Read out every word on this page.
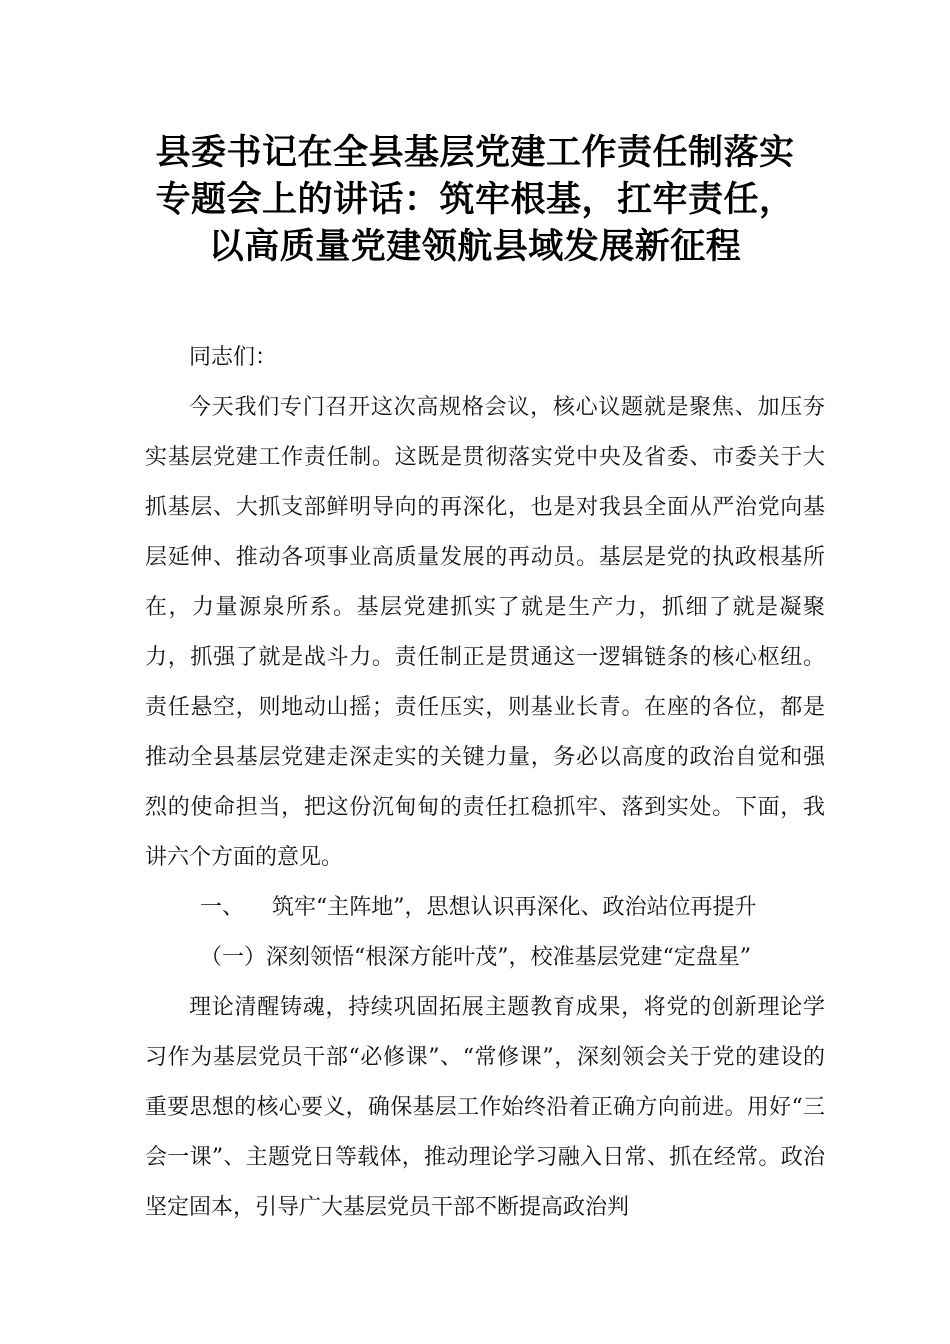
县委书记在全县基层党建工作责任制落实
专题会上的讲话：筑牢根基，扛牢责任，
以高质量党建领航县域发展新征程

同志们：

今天我们专门召开这次高规格会议，核心议题就是聚焦、加压夯实基层党建工作责任制。这既是贯彻落实党中央及省委、市委关于大抓基层、大抓支部鲜明导向的再深化，也是对我县全面从严治党向基层延伸、推动各项事业高质量发展的再动员。基层是党的执政根基所在，力量源泉所系。基层党建抓实了就是生产力，抓细了就是凝聚力，抓强了就是战斗力。责任制正是贯通这一逻辑链条的核心枢纽。责任悬空，则地动山摇；责任压实，则基业长青。在座的各位，都是推动全县基层党建走深走实的关键力量，务必以高度的政治自觉和强烈的使命担当，把这份沉甸甸的责任扛稳抓牢、落到实处。下面，我讲六个方面的意见。

一、 筑牢“主阵地”，思想认识再深化、政治站位再提升

（一）深刻领悟“根深方能叶茂”，校准基层党建“定盘星”

理论清醒铸魂，持续巩固拓展主题教育成果，将党的创新理论学习作为基层党员干部“必修课”、“常修课”，深刻领会关于党的建设的重要思想的核心要义，确保基层工作始终沿着正确方向前进。用好“三会一课”、主题党日等载体，推动理论学习融入日常、抓在经常。政治坚定固本，引导广大基层党员干部不断提高政治判
